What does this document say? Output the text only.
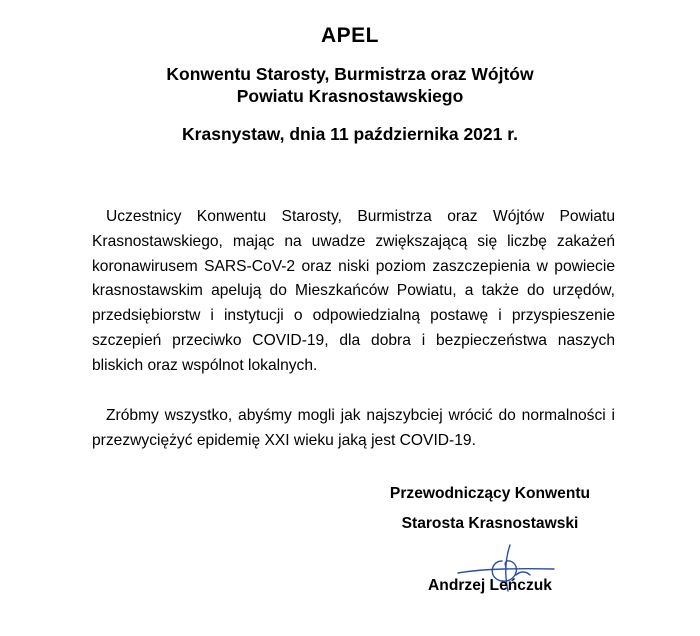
APEL
Konwentu Starosty, Burmistrza oraz Wójtów
Powiatu Krasnostawskiego
Krasnystaw, dnia 11 października 2021 r.

Uczestnicy Konwentu Starosty, Burmistrza oraz Wójtów Powiatu Krasnostawskiego, mając na uwadze zwiększającą się liczbę zakażeń koronawirusem SARS-CoV-2 oraz niski poziom zaszczepienia w powiecie krasnostawskim apelują do Mieszkańców Powiatu, a także do urzędów, przedsiębiorstw i instytucji o odpowiedzialną postawę i przyspieszenie szczepień przeciwko COVID-19, dla dobra i bezpieczeństwa naszych bliskich oraz wspólnot lokalnych.

Zróbmy wszystko, abyśmy mogli jak najszybciej wrócić do normalności i przezwyciężyć epidemię XXI wieku jaką jest COVID-19.

Przewodniczący Konwentu
Starosta Krasnostawski
Andrzej Leńczuk
